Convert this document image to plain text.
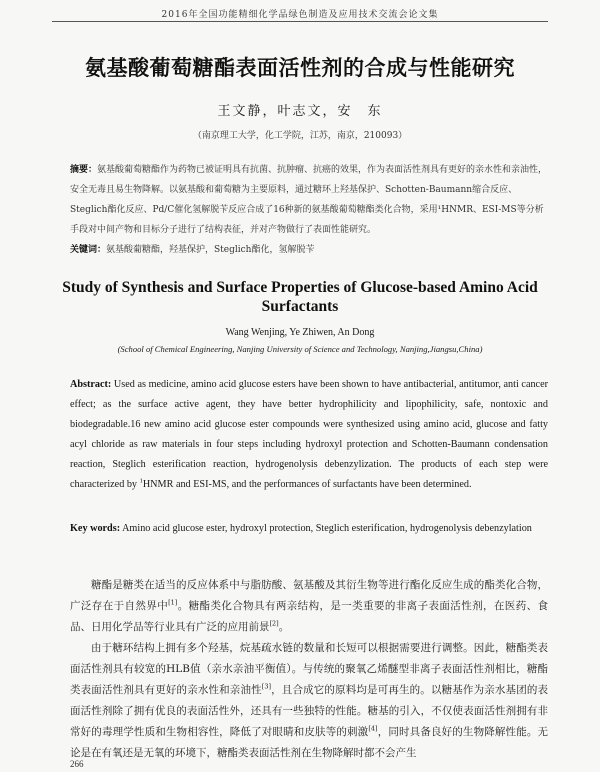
2016年全国功能精细化学品绿色制造及应用技术交流会论文集
氨基酸葡萄糖酯表面活性剂的合成与性能研究
王文静，叶志文，安　东
（南京理工大学，化工学院，江苏，南京，210093）
摘要：氨基酸葡萄糖酯作为药物已被证明具有抗菌、抗肿瘤、抗癌的效果，作为表面活性剂具有更好的亲水性和亲油性，安全无毒且易生物降解。以氨基酸和葡萄糖为主要原料，通过糖环上羟基保护、Schotten-Baumann缩合反应、Steglich酯化反应、Pd/C催化氢解脱苄反应合成了16种新的氨基酸葡萄糖酯类化合物，采用¹HNMR、ESI-MS等分析手段对中间产物和目标分子进行了结构表征，并对产物做行了表面性能研究。
关键词：氨基酸葡糖酯，羟基保护，Steglich酯化，氢解脱苄
Study of Synthesis and Surface Properties of Glucose-based Amino Acid Surfactants
Wang Wenjing, Ye Zhiwen, An Dong
(School of Chemical Engineering, Nanjing University of Science and Technology, Nanjing,Jiangsu,China)
Abstract: Used as medicine, amino acid glucose esters have been shown to have antibacterial, antitumor, anti cancer effect; as the surface active agent, they have better hydrophilicity and lipophilicity, safe, nontoxic and biodegradable.16 new amino acid glucose ester compounds were synthesized using amino acid, glucose and fatty acyl chloride as raw materials in four steps including hydroxyl protection and Schotten-Baumann condensation reaction, Steglich esterification reaction, hydrogenolysis debenzylization. The products of each step were characterized by $^1$HNMR and ESI-MS, and the performances of surfactants have been determined.
Key words: Amino acid glucose ester, hydroxyl protection, Steglich esterification, hydrogenolysis debenzylation

糖酯是糖类在适当的反应体系中与脂肪酸、氨基酸及其衍生物等进行酯化反应生成的酯类化合物，广泛存在于自然界中[1]。糖酯类化合物具有两亲结构，是一类重要的非离子表面活性剂，在医药、食品、日用化学品等行业具有广泛的应用前景[2]。

由于糖环结构上拥有多个羟基，烷基疏水链的数量和长短可以根据需要进行调整。因此，糖酯类表面活性剂具有较宽的HLB值（亲水亲油平衡值）。与传统的聚氧乙烯醚型非离子表面活性剂相比，糖酯类表面活性剂具有更好的亲水性和亲油性[3]，且合成它的原料均是可再生的。以糖基作为亲水基团的表面活性剂除了拥有优良的表面活性外，还具有一些独特的性能。糖基的引入，不仅使表面活性剂拥有非常好的毒理学性质和生物相容性，降低了对眼睛和皮肤等的刺激[4]，同时具备良好的生物降解性能。无论是在有氧还是无氧的环境下，糖酯类表面活性剂在生物降解时都不会产生

266
